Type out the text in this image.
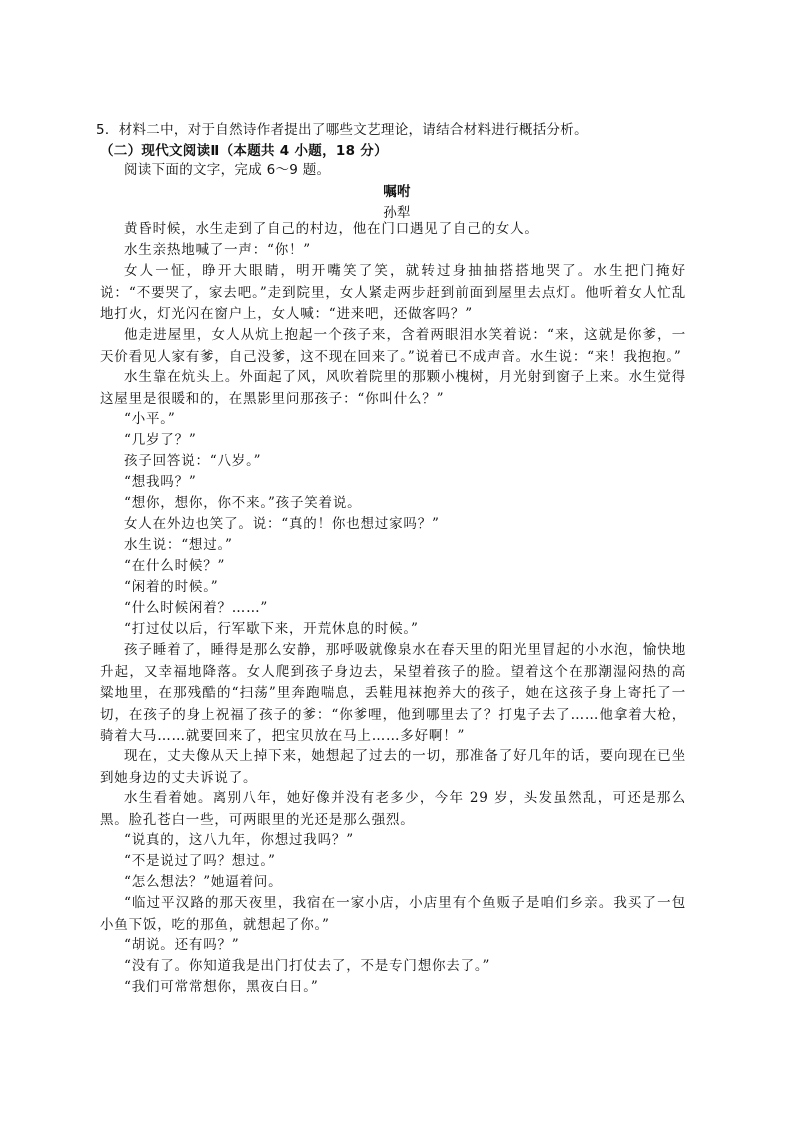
5．材料二中，对于自然诗作者提出了哪些文艺理论，请结合材料进行概括分析。
（二）现代文阅读Ⅱ（本题共 4 小题，18 分）
阅读下面的文字，完成 6～9 题。
嘱咐
孙犁
黄昏时候，水生走到了自己的村边，他在门口遇见了自己的女人。
水生亲热地喊了一声：“你！”
女人一怔，睁开大眼睛，明开嘴笑了笑，就转过身抽抽搭搭地哭了。水生把门掩好说：“不要哭了，家去吧。”走到院里，女人紧走两步赶到前面到屋里去点灯。他听着女人忙乱地打火，灯光闪在窗户上，女人喊：“进来吧，还做客吗？”
他走进屋里，女人从炕上抱起一个孩子来，含着两眼泪水笑着说：“来，这就是你爹，一天价看见人家有爹，自己没爹，这不现在回来了。”说着已不成声音。水生说：“来！我抱抱。”
水生靠在炕头上。外面起了风，风吹着院里的那颗小槐树，月光射到窗子上来。水生觉得这屋里是很暖和的，在黑影里问那孩子：“你叫什么？”
“小平。”
“几岁了？”
孩子回答说：“八岁。”
“想我吗？”
“想你，想你，你不来。”孩子笑着说。
女人在外边也笑了。说：“真的！你也想过家吗？”
水生说：“想过。”
“在什么时候？”
“闲着的时候。”
“什么时候闲着？……”
“打过仗以后，行军歇下来，开荒休息的时候。”
孩子睡着了，睡得是那么安静，那呼吸就像泉水在春天里的阳光里冒起的小水泡，愉快地升起，又幸福地降落。女人爬到孩子身边去，呆望着孩子的脸。望着这个在那潮湿闷热的高粱地里，在那残酷的“扫荡”里奔跑喘息，丢鞋甩袜抱养大的孩子，她在这孩子身上寄托了一切，在孩子的身上祝福了孩子的爹：“你爹哩，他到哪里去了？打鬼子去了……他拿着大枪，骑着大马……就要回来了，把宝贝放在马上……多好啊！”
现在，丈夫像从天上掉下来，她想起了过去的一切，那准备了好几年的话，要向现在已坐到她身边的丈夫诉说了。
水生看着她。离别八年，她好像并没有老多少，今年 29 岁，头发虽然乱，可还是那么黑。脸孔苍白一些，可两眼里的光还是那么强烈。
“说真的，这八九年，你想过我吗？”
“不是说过了吗？想过。”
“怎么想法？”她逼着问。
“临过平汉路的那天夜里，我宿在一家小店，小店里有个鱼贩子是咱们乡亲。我买了一包小鱼下饭，吃的那鱼，就想起了你。”
“胡说。还有吗？”
“没有了。你知道我是出门打仗去了，不是专门想你去了。”
“我们可常常想你，黑夜白日。”
